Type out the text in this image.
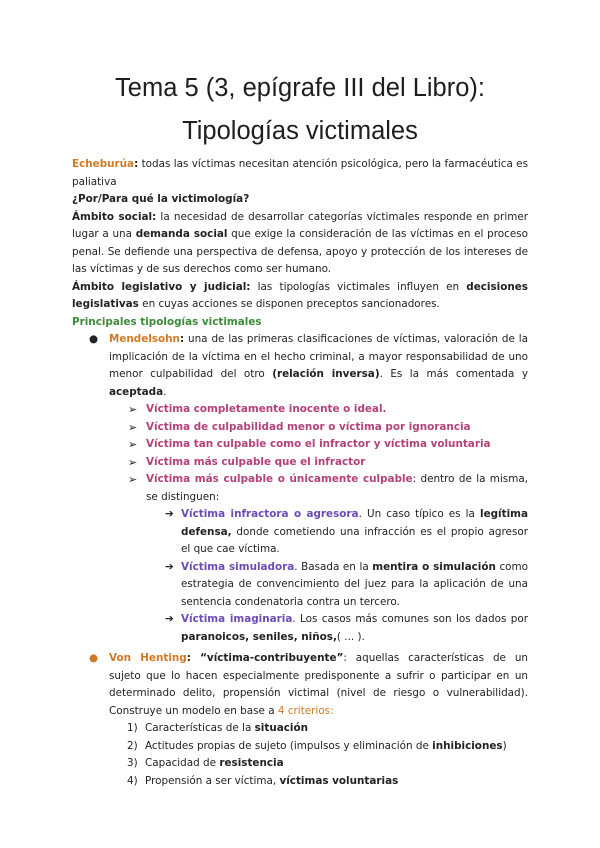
Tema 5 (3, epígrafe III del Libro):
Tipologías victimales

Echeburúa: todas las víctimas necesitan atención psicológica, pero la farmacéutica es paliativa

¿Por/Para qué la victimología?

Ámbito social: la necesidad de desarrollar categorías victimales responde en primer lugar a una demanda social que exige la consideración de las víctimas en el proceso penal. Se defiende una perspectiva de defensa, apoyo y protección de los intereses de las víctimas y de sus derechos como ser humano.

Ámbito legislativo y judicial: las tipologías victimales influyen en decisiones legislativas en cuyas acciones se disponen preceptos sancionadores.

Principales tipologías victimales

● Mendelsohn: una de las primeras clasificaciones de víctimas, valoración de la implicación de la víctima en el hecho criminal, a mayor responsabilidad de uno menor culpabilidad del otro (relación inversa). Es la más comentada y aceptada.
➢ Víctima completamente inocente o ideal.
➢ Víctima de culpabilidad menor o víctima por ignorancia
➢ Víctima tan culpable como el infractor y víctima voluntaria
➢ Víctima más culpable que el infractor
➢ Víctima más culpable o únicamente culpable: dentro de la misma, se distinguen:
➔ Víctima infractora o agresora. Un caso típico es la legítima defensa, donde cometiendo una infracción es el propio agresor el que cae víctima.
➔ Víctima simuladora. Basada en la mentira o simulación como estrategia de convencimiento del juez para la aplicación de una sentencia condenatoria contra un tercero.
➔ Víctima imaginaria. Los casos más comunes son los dados por paranoicos, seniles, niños,( ... ).
● Von Henting: “víctima-contribuyente”: aquellas características de un sujeto que lo hacen especialmente predisponente a sufrir o participar en un determinado delito, propensión victimal (nivel de riesgo o vulnerabilidad). Construye un modelo en base a 4 criterios:
1) Características de la situación
2) Actitudes propias de sujeto (impulsos y eliminación de inhibiciones)
3) Capacidad de resistencia
4) Propensión a ser víctima, víctimas voluntarias
